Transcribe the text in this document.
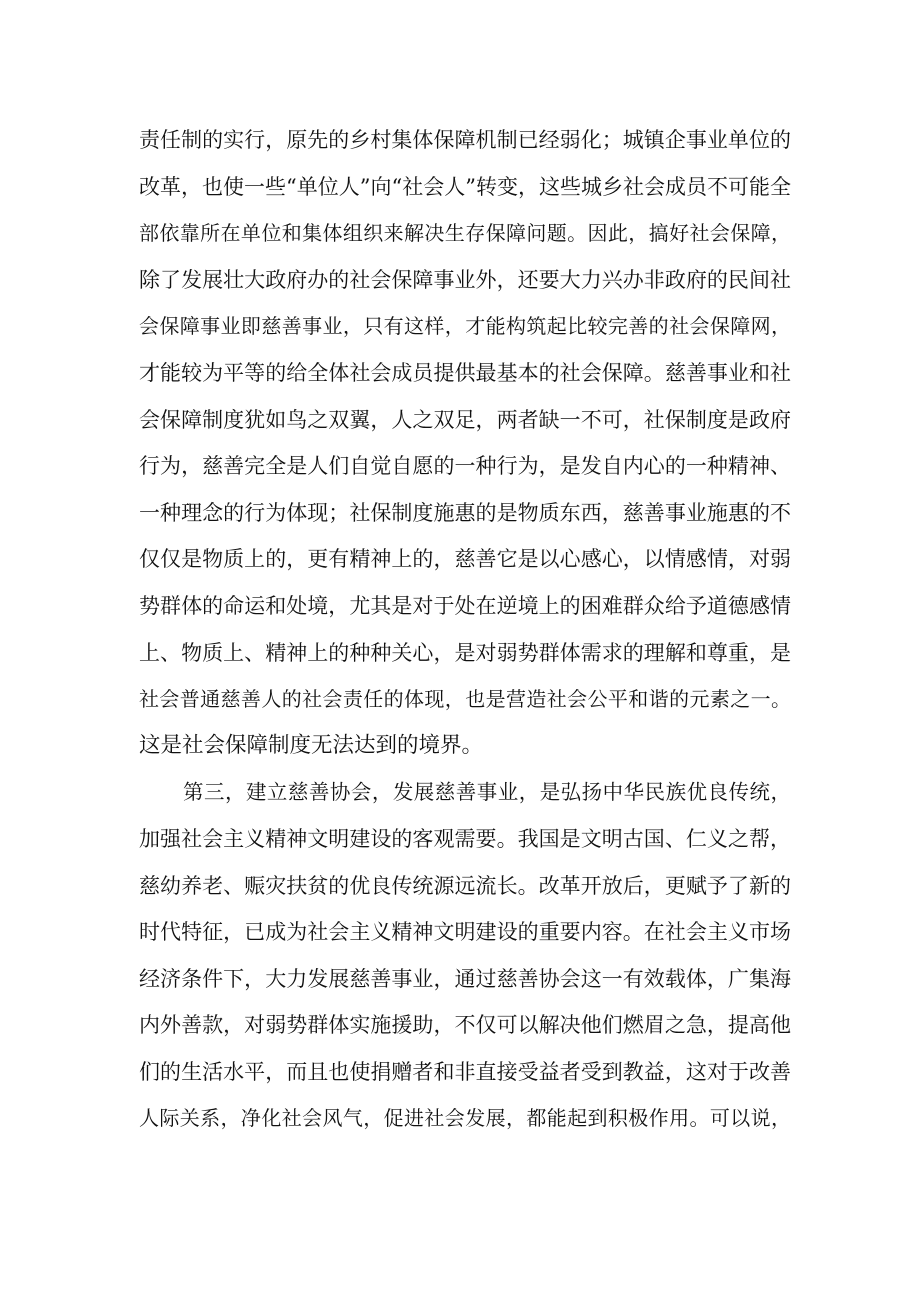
责任制的实行，原先的乡村集体保障机制已经弱化；城镇企事业单位的
改革，也使一些“单位人”向“社会人”转变，这些城乡社会成员不可能全
部依靠所在单位和集体组织来解决生存保障问题。因此，搞好社会保障，
除了发展壮大政府办的社会保障事业外，还要大力兴办非政府的民间社
会保障事业即慈善事业，只有这样，才能构筑起比较完善的社会保障网，
才能较为平等的给全体社会成员提供最基本的社会保障。慈善事业和社
会保障制度犹如鸟之双翼，人之双足，两者缺一不可，社保制度是政府
行为，慈善完全是人们自觉自愿的一种行为，是发自内心的一种精神、
一种理念的行为体现；社保制度施惠的是物质东西，慈善事业施惠的不
仅仅是物质上的，更有精神上的，慈善它是以心感心，以情感情，对弱
势群体的命运和处境，尤其是对于处在逆境上的困难群众给予道德感情
上、物质上、精神上的种种关心，是对弱势群体需求的理解和尊重，是
社会普通慈善人的社会责任的体现，也是营造社会公平和谐的元素之一。
这是社会保障制度无法达到的境界。
第三，建立慈善协会，发展慈善事业，是弘扬中华民族优良传统，
加强社会主义精神文明建设的客观需要。我国是文明古国、仁义之帮，
慈幼养老、赈灾扶贫的优良传统源远流长。改革开放后，更赋予了新的
时代特征，已成为社会主义精神文明建设的重要内容。在社会主义市场
经济条件下，大力发展慈善事业，通过慈善协会这一有效载体，广集海
内外善款，对弱势群体实施援助，不仅可以解决他们燃眉之急，提高他
们的生活水平，而且也使捐赠者和非直接受益者受到教益，这对于改善
人际关系，净化社会风气，促进社会发展，都能起到积极作用。可以说，
